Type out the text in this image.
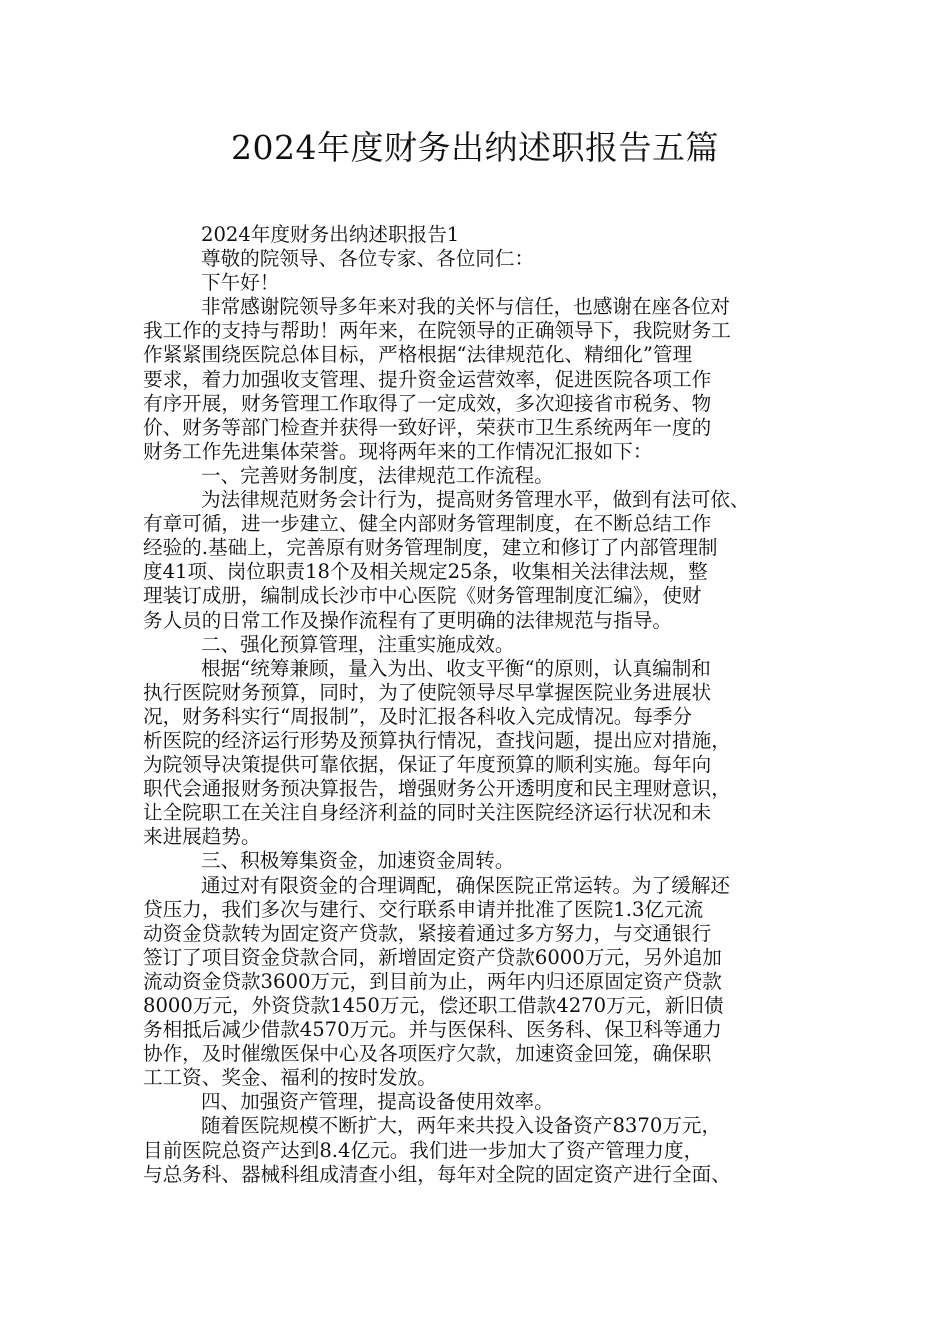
2024年度财务出纳述职报告五篇
2024年度财务出纳述职报告1
尊敬的院领导、各位专家、各位同仁：
下午好！
非常感谢院领导多年来对我的关怀与信任，也感谢在座各位对
我工作的支持与帮助！两年来，在院领导的正确领导下，我院财务工
作紧紧围绕医院总体目标，严格根据“法律规范化、精细化”管理
要求，着力加强收支管理、提升资金运营效率，促进医院各项工作
有序开展，财务管理工作取得了一定成效，多次迎接省市税务、物
价、财务等部门检查并获得一致好评，荣获市卫生系统两年一度的
财务工作先进集体荣誉。现将两年来的工作情况汇报如下：
一、完善财务制度，法律规范工作流程。
为法律规范财务会计行为，提高财务管理水平，做到有法可依、
有章可循，进一步建立、健全内部财务管理制度，在不断总结工作
经验的.基础上，完善原有财务管理制度，建立和修订了内部管理制
度41项、岗位职责18个及相关规定25条，收集相关法律法规，整
理装订成册，编制成长沙市中心医院《财务管理制度汇编》，使财
务人员的日常工作及操作流程有了更明确的法律规范与指导。
二、强化预算管理，注重实施成效。
根据“统筹兼顾，量入为出、收支平衡“的原则，认真编制和
执行医院财务预算，同时，为了使院领导尽早掌握医院业务进展状
况，财务科实行“周报制”，及时汇报各科收入完成情况。每季分
析医院的经济运行形势及预算执行情况，查找问题，提出应对措施，
为院领导决策提供可靠依据，保证了年度预算的顺利实施。每年向
职代会通报财务预决算报告，增强财务公开透明度和民主理财意识，
让全院职工在关注自身经济利益的同时关注医院经济运行状况和未
来进展趋势。
三、积极筹集资金，加速资金周转。
通过对有限资金的合理调配，确保医院正常运转。为了缓解还
贷压力，我们多次与建行、交行联系申请并批准了医院1.3亿元流
动资金贷款转为固定资产贷款，紧接着通过多方努力，与交通银行
签订了项目资金贷款合同，新增固定资产贷款6000万元，另外追加
流动资金贷款3600万元，到目前为止，两年内归还原固定资产贷款
8000万元，外资贷款1450万元，偿还职工借款4270万元，新旧债
务相抵后减少借款4570万元。并与医保科、医务科、保卫科等通力
协作，及时催缴医保中心及各项医疗欠款，加速资金回笼，确保职
工工资、奖金、福利的按时发放。
四、加强资产管理，提高设备使用效率。
随着医院规模不断扩大，两年来共投入设备资产8370万元，
目前医院总资产达到8.4亿元。我们进一步加大了资产管理力度，
与总务科、器械科组成清查小组，每年对全院的固定资产进行全面、
